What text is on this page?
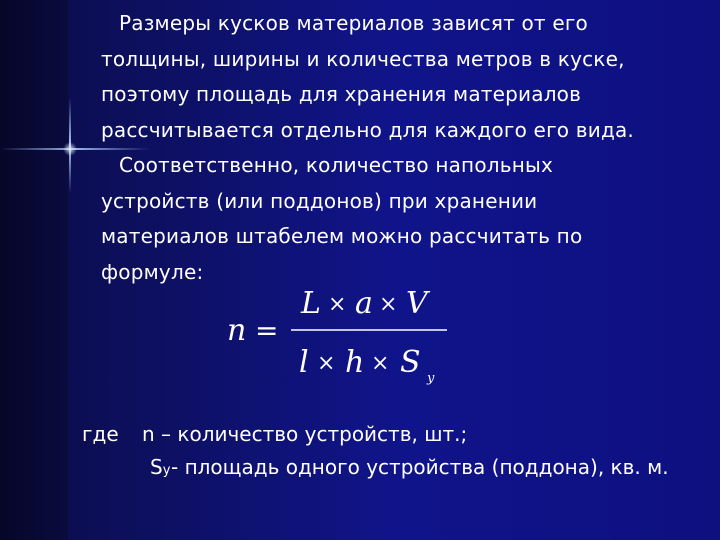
Размеры кусков материалов зависят от его
толщины, ширины и количества метров в куске,
поэтому площадь для хранения материалов
рассчитывается отдельно для каждого его вида.
Соответственно, количество напольных
устройств (или поддонов) при хранении
материалов штабелем можно рассчитать по
формуле:
n =
L × a × V
l × h × S у
где n – количество устройств, шт.;
Sу - площадь одного устройства (поддона), кв. м.
